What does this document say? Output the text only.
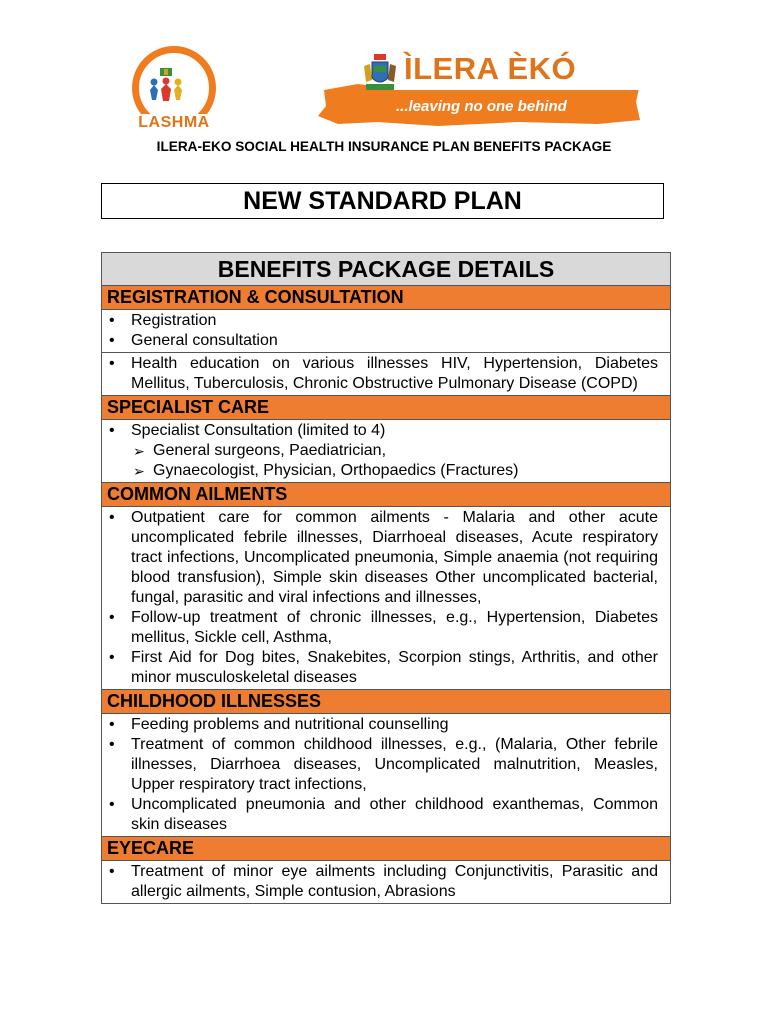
LASHMA
ÌLERA ÈKÓ
...leaving no one behind
ILERA-EKO SOCIAL HEALTH INSURANCE PLAN BENEFITS PACKAGE
NEW STANDARD PLAN
BENEFITS PACKAGE DETAILS
REGISTRATION & CONSULTATION
• Registration
• General consultation
• Health education on various illnesses HIV, Hypertension, Diabetes Mellitus, Tuberculosis, Chronic Obstructive Pulmonary Disease (COPD)
SPECIALIST CARE
• Specialist Consultation (limited to 4)
➢ General surgeons, Paediatrician,
➢ Gynaecologist, Physician, Orthopaedics (Fractures)
COMMON AILMENTS
• Outpatient care for common ailments - Malaria and other acute uncomplicated febrile illnesses, Diarrhoeal diseases, Acute respiratory tract infections, Uncomplicated pneumonia, Simple anaemia (not requiring blood transfusion), Simple skin diseases Other uncomplicated bacterial, fungal, parasitic and viral infections and illnesses,
• Follow-up treatment of chronic illnesses, e.g., Hypertension, Diabetes mellitus, Sickle cell, Asthma,
• First Aid for Dog bites, Snakebites, Scorpion stings, Arthritis, and other minor musculoskeletal diseases
CHILDHOOD ILLNESSES
• Feeding problems and nutritional counselling
• Treatment of common childhood illnesses, e.g., (Malaria, Other febrile illnesses, Diarrhoea diseases, Uncomplicated malnutrition, Measles, Upper respiratory tract infections,
• Uncomplicated pneumonia and other childhood exanthemas, Common skin diseases
EYECARE
• Treatment of minor eye ailments including Conjunctivitis, Parasitic and allergic ailments, Simple contusion, Abrasions
